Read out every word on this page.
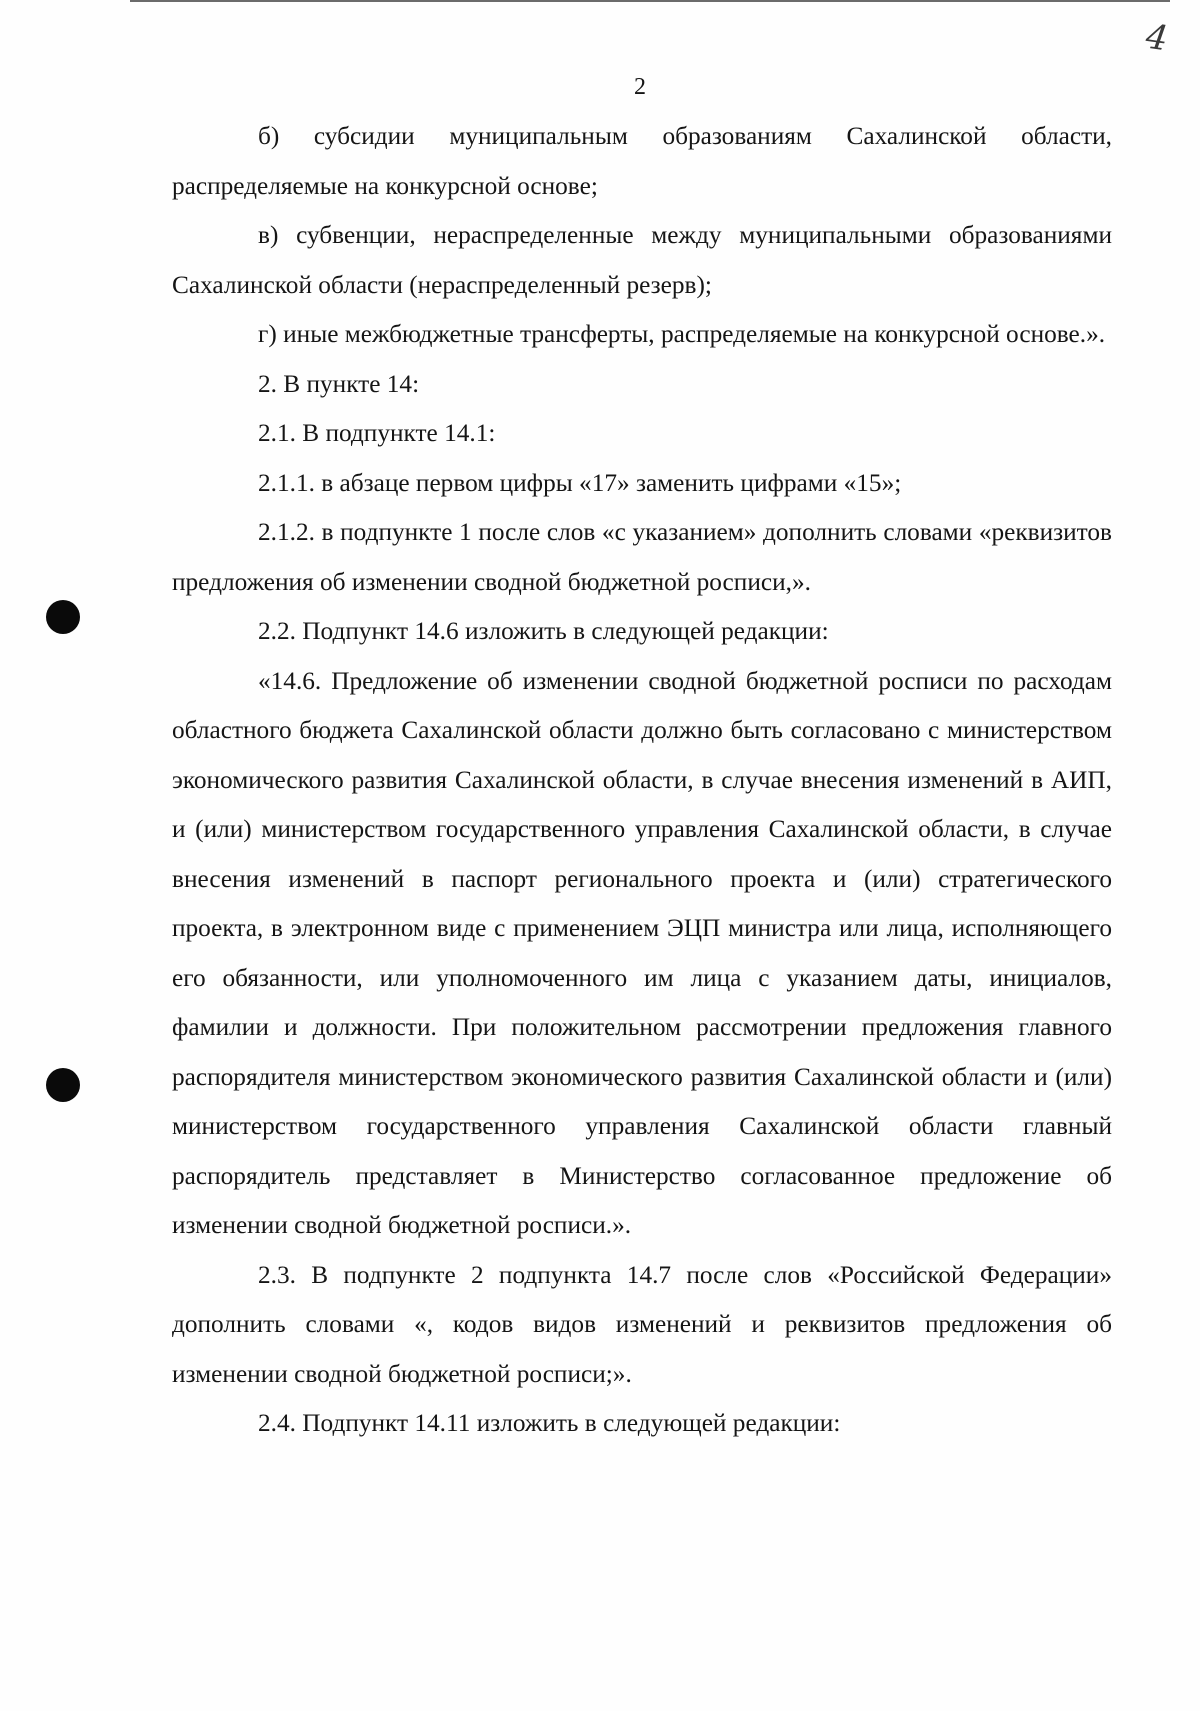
2
4

б) субсидии муниципальным образованиям Сахалинской области, распределяемые на конкурсной основе;

в) субвенции, нераспределенные между муниципальными образованиями Сахалинской области (нераспределенный резерв);

г) иные межбюджетные трансферты, распределяемые на конкурсной основе.».

2. В пункте 14:

2.1. В подпункте 14.1:

2.1.1. в абзаце первом цифры «17» заменить цифрами «15»;

2.1.2. в подпункте 1 после слов «с указанием» дополнить словами «реквизитов предложения об изменении сводной бюджетной росписи,».

2.2. Подпункт 14.6 изложить в следующей редакции:

«14.6. Предложение об изменении сводной бюджетной росписи по расходам областного бюджета Сахалинской области должно быть согласовано с министерством экономического развития Сахалинской области, в случае внесения изменений в АИП, и (или) министерством государственного управления Сахалинской области, в случае внесения изменений в паспорт регионального проекта и (или) стратегического проекта, в электронном виде с применением ЭЦП министра или лица, исполняющего его обязанности, или уполномоченного им лица с указанием даты, инициалов, фамилии и должности. При положительном рассмотрении предложения главного распорядителя министерством экономического развития Сахалинской области и (или) министерством государственного управления Сахалинской области главный распорядитель представляет в Министерство согласованное предложение об изменении сводной бюджетной росписи.».

2.3. В подпункте 2 подпункта 14.7 после слов «Российской Федерации» дополнить словами «, кодов видов изменений и реквизитов предложения об изменении сводной бюджетной росписи;».

2.4. Подпункт 14.11 изложить в следующей редакции:
